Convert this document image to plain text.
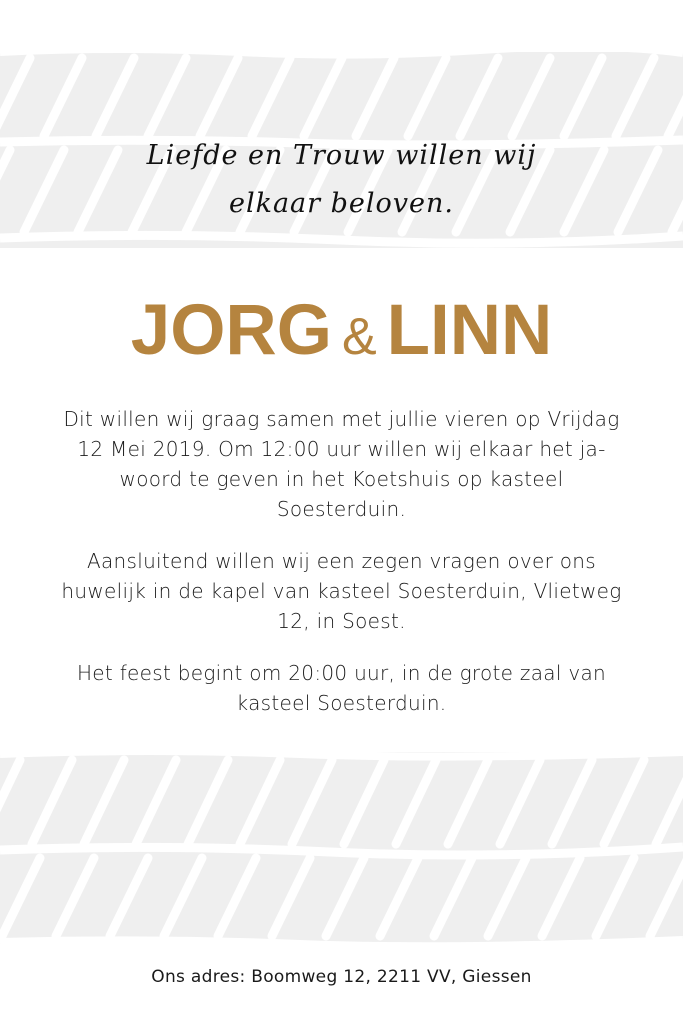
Liefde en Trouw willen wij
elkaar beloven.
JORG & LINN

Dit willen wij graag samen met jullie vieren op Vrijdag 12 Mei 2019. Om 12:00 uur willen wij elkaar het ja-woord te geven in het Koetshuis op kasteel Soesterduin.

Aansluitend willen wij een zegen vragen over ons huwelijk in de kapel van kasteel Soesterduin, Vlietweg 12, in Soest.

Het feest begint om 20:00 uur, in de grote zaal van kasteel Soesterduin.

Ons adres: Boomweg 12, 2211 VV, Giessen
